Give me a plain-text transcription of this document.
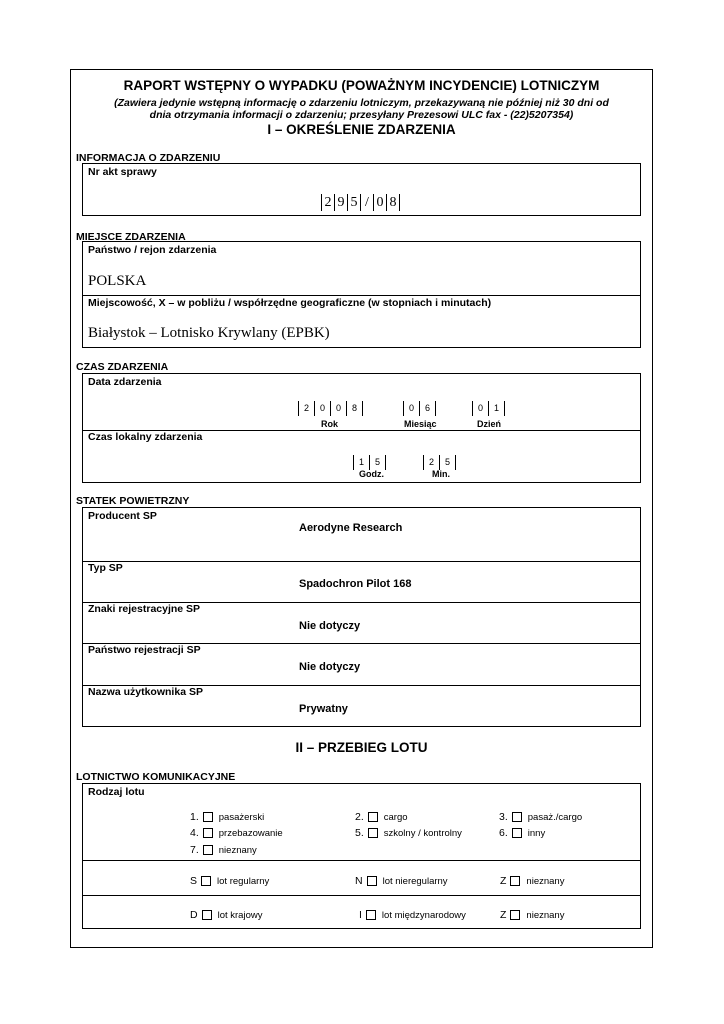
RAPORT WSTĘPNY O WYPADKU (POWAŻNYM INCYDENCIE) LOTNICZYM
(Zawiera jedynie wstępną informację o zdarzeniu lotniczym, przekazywaną nie później niż 30 dni od
dnia otrzymania informacji o zdarzeniu; przesyłany Prezesowi ULC fax - (22)5207354)
I – OKREŚLENIE ZDARZENIA
INFORMACJA O ZDARZENIU
Nr akt sprawy
2 9 5 / 0 8
MIEJSCE ZDARZENIA
Państwo / rejon zdarzenia
POLSKA
Miejscowość, X – w pobliżu / współrzędne geograficzne (w stopniach i minutach)
Białystok – Lotnisko Krywlany (EPBK)
CZAS ZDARZENIA
Data zdarzenia
2	0	0	8	0	6	0	1
Rok	Miesiąc	Dzień
Czas lokalny zdarzenia
1	5	2	5
Godz.	Min.
STATEK POWIETRZNY
Producent SP
Aerodyne Research
Typ SP
Spadochron Pilot 168
Znaki rejestracyjne SP
Nie dotyczy
Państwo rejestracji SP
Nie dotyczy
Nazwa użytkownika SP
Prywatny
II – PRZEBIEG LOTU
LOTNICTWO KOMUNIKACYJNE
Rodzaj lotu
1. pasażerski	2. cargo	3. pasaż./cargo
4. przebazowanie	5. szkolny / kontrolny	6. inny
7. nieznany
S lot regularny	N lot nieregularny	Z nieznany
D lot krajowy	I lot międzynarodowy	Z nieznany
